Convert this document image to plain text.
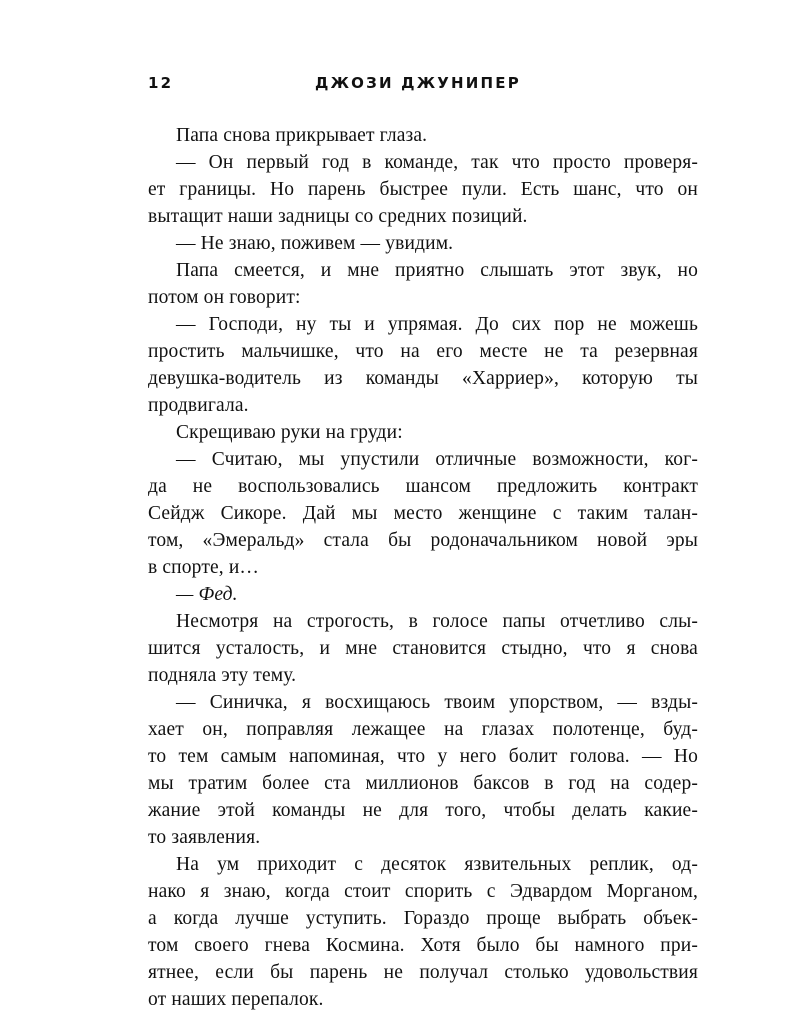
12	ДЖОЗИ ДЖУНИПЕР
Папа снова прикрывает глаза.
— Он первый год в команде, так что просто проверя-
ет границы. Но парень быстрее пули. Есть шанс, что он
вытащит наши задницы со средних позиций.
— Не знаю, поживем — увидим.
Папа смеется, и мне приятно слышать этот звук, но
потом он говорит:
— Господи, ну ты и упрямая. До сих пор не можешь
простить мальчишке, что на его месте не та резервная
девушка-водитель из команды «Харриер», которую ты
продвигала.
Скрещиваю руки на груди:
— Считаю, мы упустили отличные возможности, ког-
да не воспользовались шансом предложить контракт
Сейдж Сикоре. Дай мы место женщине с таким талан-
том, «Эмеральд» стала бы родоначальником новой эры
в спорте, и…
— Фед.
Несмотря на строгость, в голосе папы отчетливо слы-
шится усталость, и мне становится стыдно, что я снова
подняла эту тему.
— Синичка, я восхищаюсь твоим упорством, — взды-
хает он, поправляя лежащее на глазах полотенце, буд-
то тем самым напоминая, что у него болит голова. — Но
мы тратим более ста миллионов баксов в год на содер-
жание этой команды не для того, чтобы делать какие-
то заявления.
На ум приходит с десяток язвительных реплик, од-
нако я знаю, когда стоит спорить с Эдвардом Морганом,
а когда лучше уступить. Гораздо проще выбрать объек-
том своего гнева Космина. Хотя было бы намного при-
ятнее, если бы парень не получал столько удовольствия
от наших перепалок.
